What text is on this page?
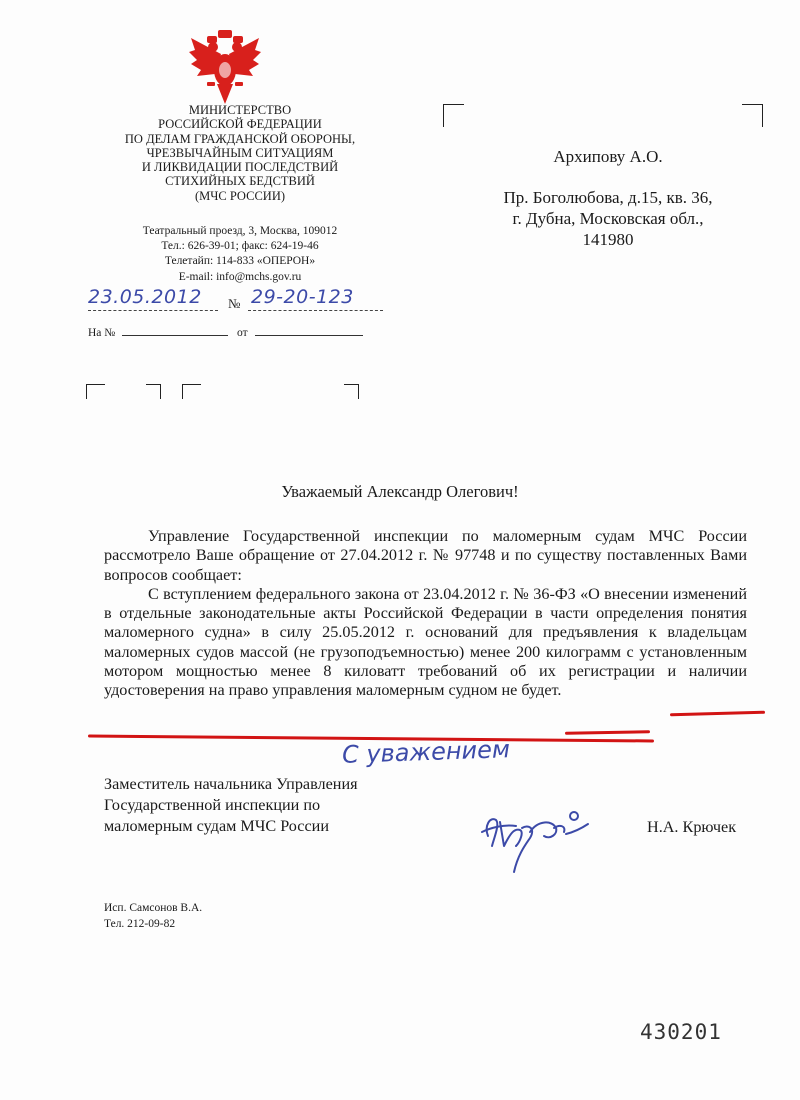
МИНИСТЕРСТВО
РОССИЙСКОЙ ФЕДЕРАЦИИ
ПО ДЕЛАМ ГРАЖДАНСКОЙ ОБОРОНЫ,
ЧРЕЗВЫЧАЙНЫМ СИТУАЦИЯМ
И ЛИКВИДАЦИИ ПОСЛЕДСТВИЙ
СТИХИЙНЫХ БЕДСТВИЙ
(МЧС РОССИИ)
Театральный проезд, 3, Москва, 109012
Тел.: 626-39-01; факс: 624-19-46
Телетайп: 114-833 «ОПЕРОН»
E-mail: info@mchs.gov.ru
23.05.2012 № 29-20-123
На №	от
Архипову А.О.
Пр. Боголюбова, д.15, кв. 36,
г. Дубна, Московская обл.,
141980
Уважаемый Александр Олегович!

Управление Государственной инспекции по маломерным судам МЧС России рассмотрело Ваше обращение от 27.04.2012 г. № 97748 и по существу поставленных Вами вопросов сообщает:

С вступлением федерального закона от 23.04.2012 г. № 36-ФЗ «О внесении изменений в отдельные законодательные акты Российской Федерации в части определения понятия маломерного судна» в силу 25.05.2012 г. оснований для предъявления к владельцам маломерных судов массой (не грузоподъемностью) менее 200 килограмм с установленным мотором мощностью менее 8 киловатт требований об их регистрации и наличии удостоверения на право управления маломерным судном не будет.

С уважением
Заместитель начальника Управления
Государственной инспекции по
маломерным судам МЧС России	Н.А. Крючек
Исп. Самсонов В.А.
Тел. 212-09-82
430201
